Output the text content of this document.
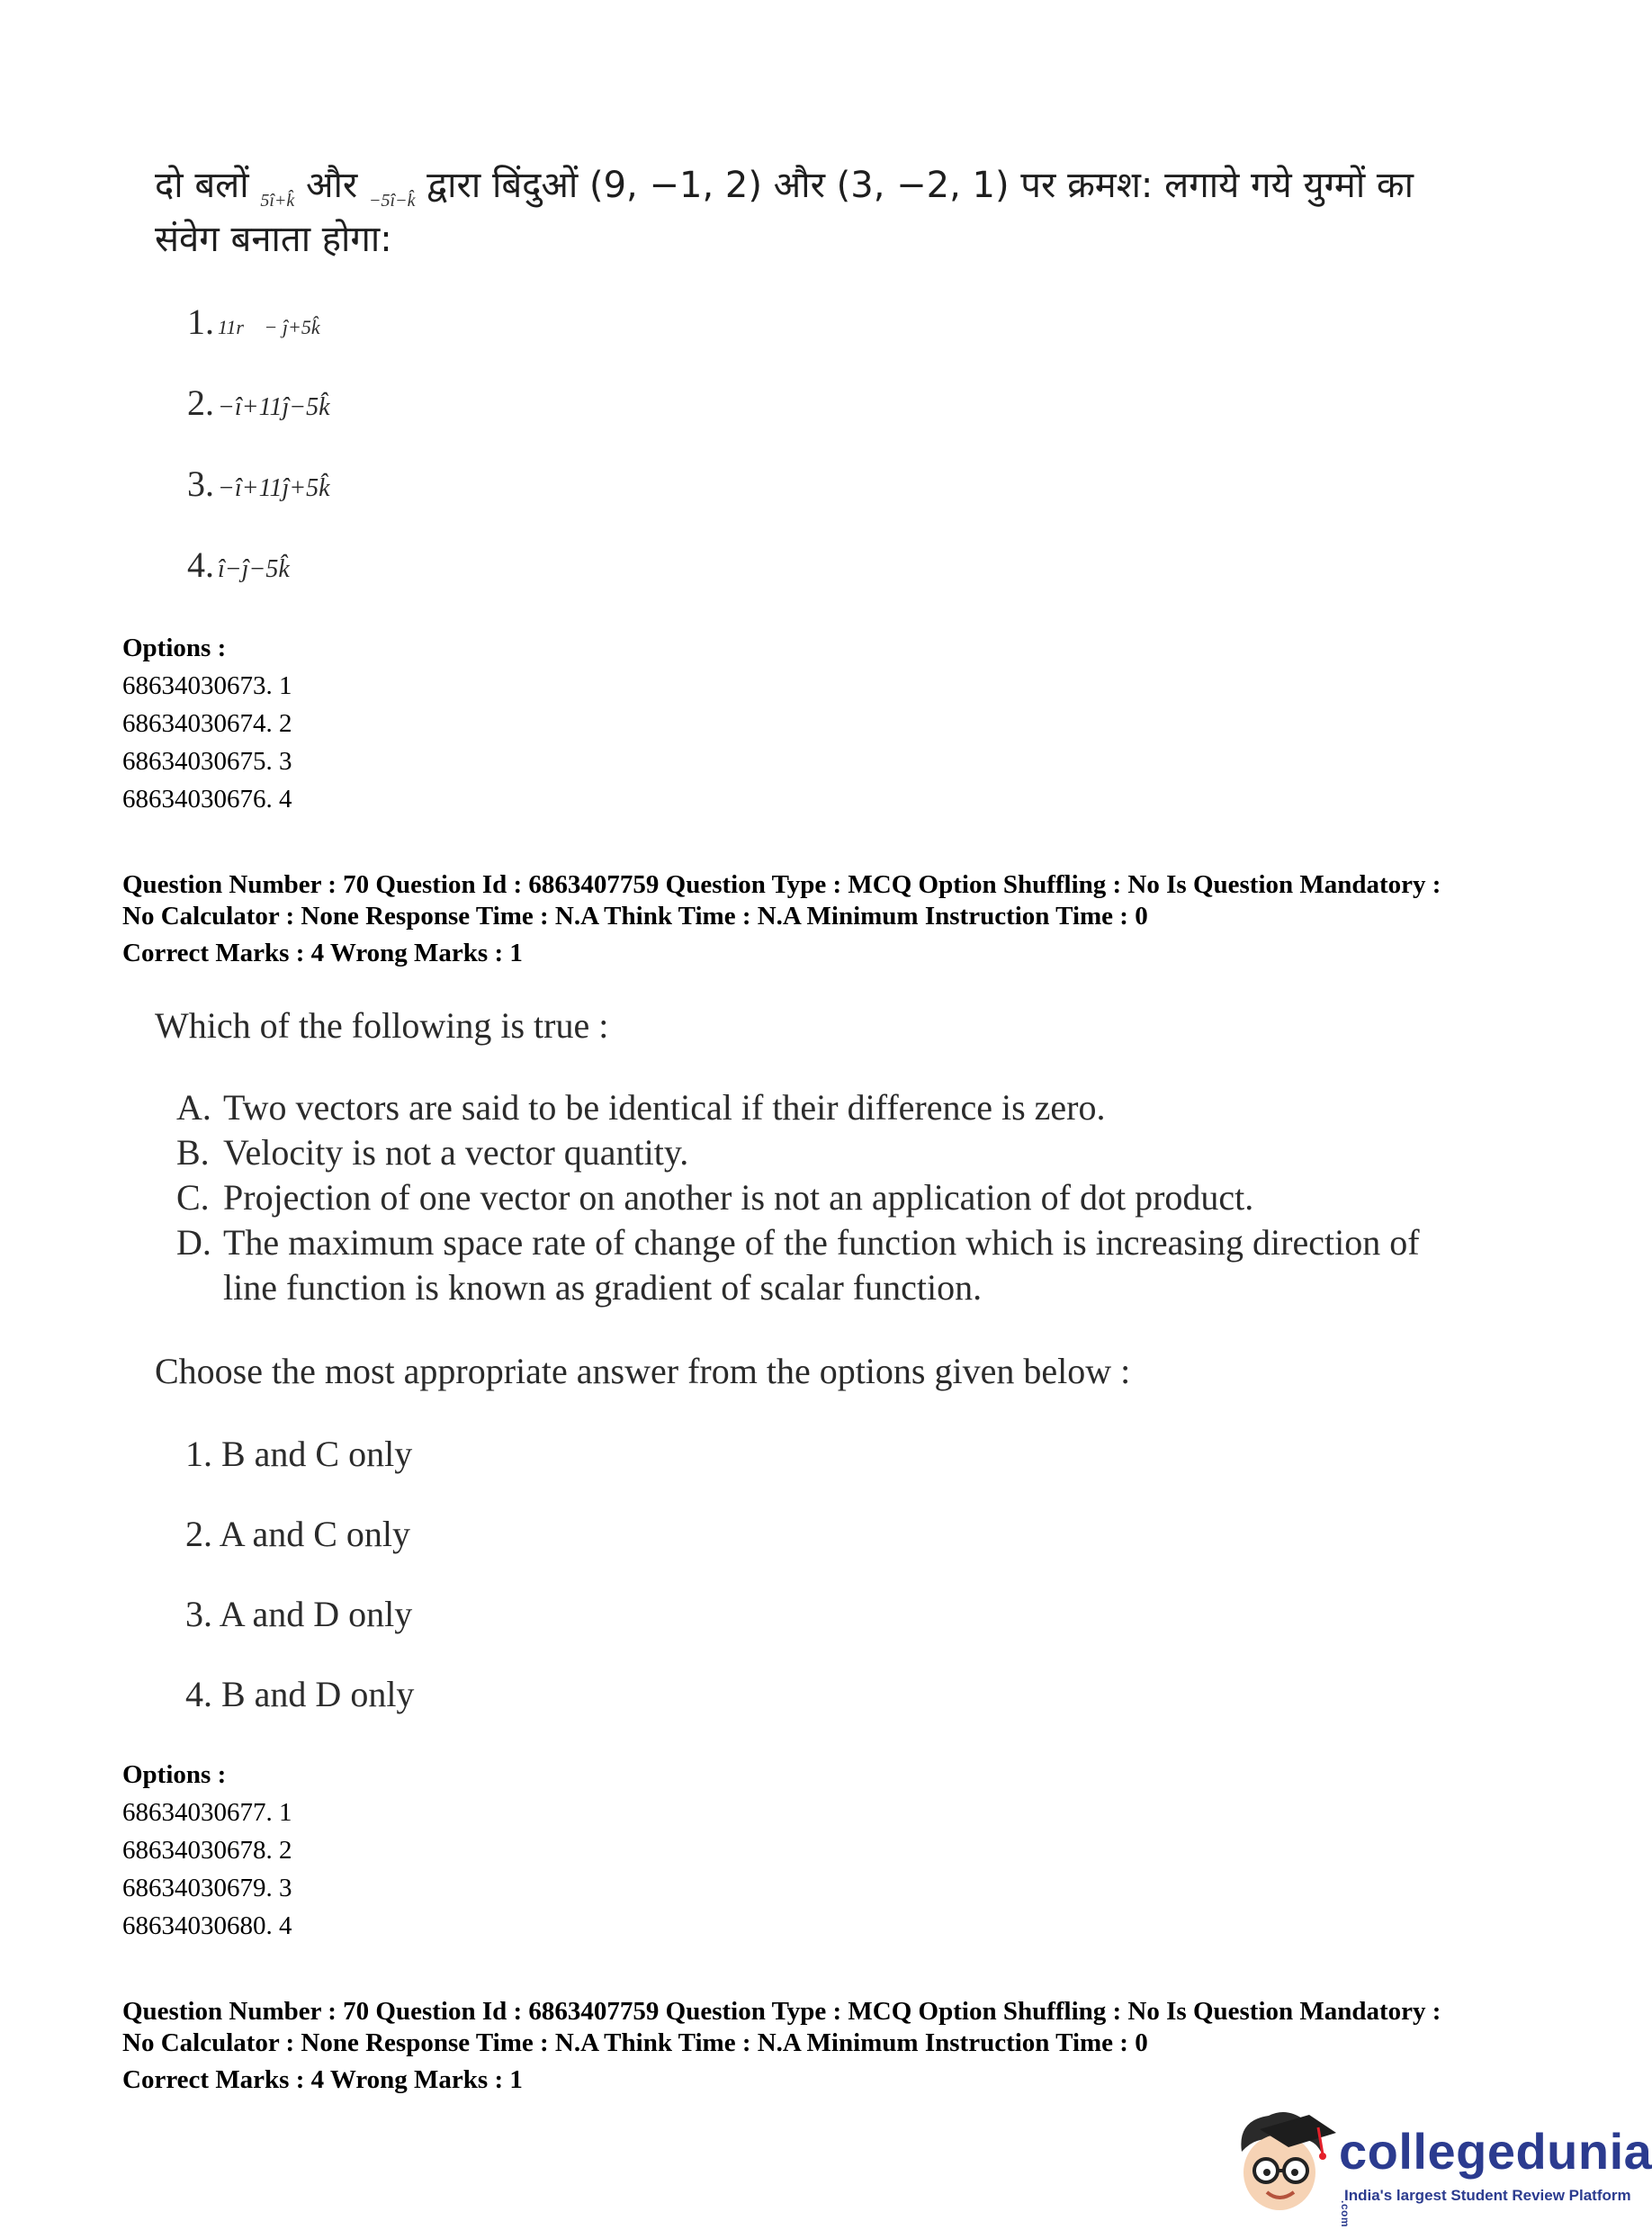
दो बलों $_{5î+k̂}$ और $_{-5î-k̂}$ द्वारा बिंदुओं (9, −1, 2) और (3, −2, 1) पर क्रमश: लगाये गये युग्मों का
संवेग बनाता होगा:
1. 11r⃗ − ĵ+5k̂
2. −î+11ĵ−5k̂
3. −î+11ĵ+5k̂
4. î−ĵ−5k̂
Options :
68634030673. 1
68634030674. 2
68634030675. 3
68634030676. 4
Question Number : 70 Question Id : 6863407759 Question Type : MCQ Option Shuffling : No Is Question Mandatory :
No Calculator : None Response Time : N.A Think Time : N.A Minimum Instruction Time : 0
Correct Marks : 4 Wrong Marks : 1
Which of the following is true :
A. Two vectors are said to be identical if their difference is zero.
B. Velocity is not a vector quantity.
C. Projection of one vector on another is not an application of dot product.
D. The maximum space rate of change of the function which is increasing direction of
line function is known as gradient of scalar function.
Choose the most appropriate answer from the options given below :
1. B and C only
2. A and C only
3. A and D only
4. B and D only
Options :
68634030677. 1
68634030678. 2
68634030679. 3
68634030680. 4
Question Number : 70 Question Id : 6863407759 Question Type : MCQ Option Shuffling : No Is Question Mandatory :
No Calculator : None Response Time : N.A Think Time : N.A Minimum Instruction Time : 0
Correct Marks : 4 Wrong Marks : 1
collegedunia.com
India's largest Student Review Platform
